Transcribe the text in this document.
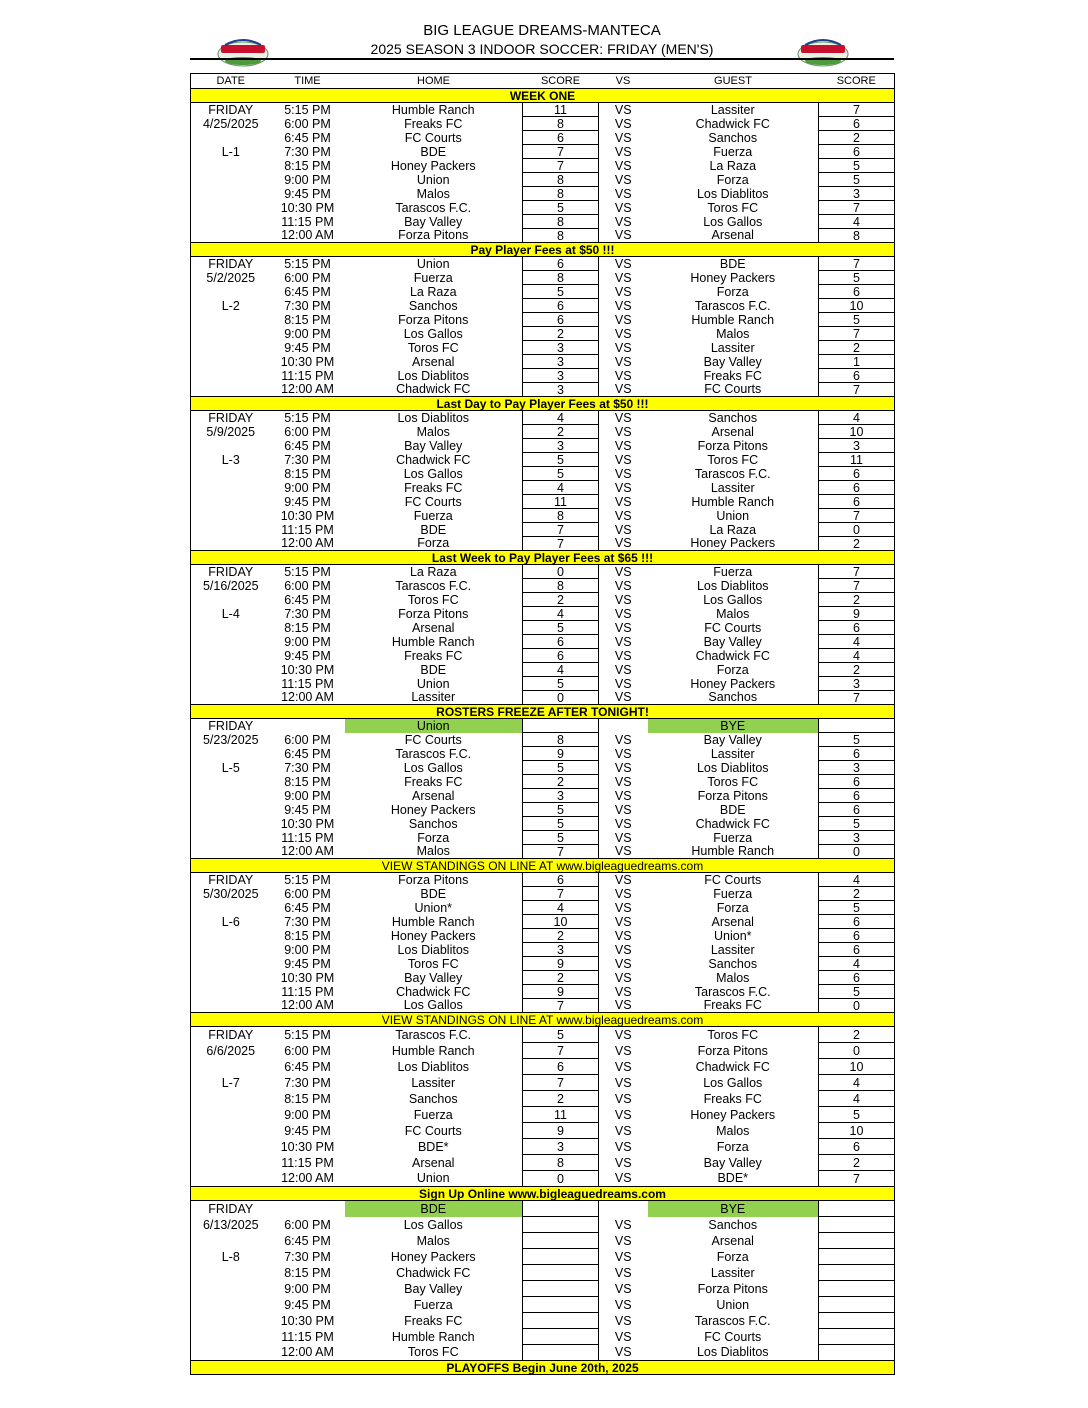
BIG LEAGUE DREAMS-MANTECA
2025 SEASON 3 INDOOR SOCCER: FRIDAY (MEN'S)
DATE	TIME	HOME	SCORE	VS	GUEST	SCORE
WEEK ONE						
FRIDAY	5:15 PM	Humble Ranch	11	VS	Lassiter	7
4/25/2025	6:00 PM	Freaks FC	8	VS	Chadwick FC	6
	6:45 PM	FC Courts	6	VS	Sanchos	2
L-1	7:30 PM	BDE	7	VS	Fuerza	6
	8:15 PM	Honey Packers	7	VS	La Raza	5
	9:00 PM	Union	8	VS	Forza	5
	9:45 PM	Malos	8	VS	Los Diablitos	3
	10:30 PM	Tarascos F.C.	5	VS	Toros FC	7
	11:15 PM	Bay Valley	8	VS	Los Gallos	4
	12:00 AM	Forza Pitons	8	VS	Arsenal	8
Pay Player Fees at $50 !!!						
FRIDAY	5:15 PM	Union	6	VS	BDE	7
5/2/2025	6:00 PM	Fuerza	8	VS	Honey Packers	5
	6:45 PM	La Raza	5	VS	Forza	6
L-2	7:30 PM	Sanchos	6	VS	Tarascos F.C.	10
	8:15 PM	Forza Pitons	6	VS	Humble Ranch	5
	9:00 PM	Los Gallos	2	VS	Malos	7
	9:45 PM	Toros FC	3	VS	Lassiter	2
	10:30 PM	Arsenal	3	VS	Bay Valley	1
	11:15 PM	Los Diablitos	3	VS	Freaks FC	6
	12:00 AM	Chadwick FC	3	VS	FC Courts	7
Last Day to Pay Player Fees at $50 !!!						
FRIDAY	5:15 PM	Los Diablitos	4	VS	Sanchos	4
5/9/2025	6:00 PM	Malos	2	VS	Arsenal	10
	6:45 PM	Bay Valley	3	VS	Forza Pitons	3
L-3	7:30 PM	Chadwick FC	5	VS	Toros FC	11
	8:15 PM	Los Gallos	5	VS	Tarascos F.C.	6
	9:00 PM	Freaks FC	4	VS	Lassiter	6
	9:45 PM	FC Courts	11	VS	Humble Ranch	6
	10:30 PM	Fuerza	8	VS	Union	7
	11:15 PM	BDE	7	VS	La Raza	0
	12:00 AM	Forza	7	VS	Honey Packers	2
Last Week to Pay Player Fees at $65 !!!						
FRIDAY	5:15 PM	La Raza	0	VS	Fuerza	7
5/16/2025	6:00 PM	Tarascos F.C.	8	VS	Los Diablitos	7
	6:45 PM	Toros FC	2	VS	Los Gallos	2
L-4	7:30 PM	Forza Pitons	4	VS	Malos	9
	8:15 PM	Arsenal	5	VS	FC Courts	6
	9:00 PM	Humble Ranch	6	VS	Bay Valley	4
	9:45 PM	Freaks FC	6	VS	Chadwick FC	4
	10:30 PM	BDE	4	VS	Forza	2
	11:15 PM	Union	5	VS	Honey Packers	3
	12:00 AM	Lassiter	0	VS	Sanchos	7
ROSTERS FREEZE AFTER TONIGHT!						
FRIDAY		Union			BYE	
5/23/2025	6:00 PM	FC Courts	8	VS	Bay Valley	5
	6:45 PM	Tarascos F.C.	9	VS	Lassiter	6
L-5	7:30 PM	Los Gallos	5	VS	Los Diablitos	3
	8:15 PM	Freaks FC	2	VS	Toros FC	6
	9:00 PM	Arsenal	3	VS	Forza Pitons	6
	9:45 PM	Honey Packers	5	VS	BDE	6
	10:30 PM	Sanchos	5	VS	Chadwick FC	5
	11:15 PM	Forza	5	VS	Fuerza	3
	12:00 AM	Malos	7	VS	Humble Ranch	0
VIEW STANDINGS ON LINE AT www.bigleaguedreams.com						
FRIDAY	5:15 PM	Forza Pitons	6	VS	FC Courts	4
5/30/2025	6:00 PM	BDE	7	VS	Fuerza	2
	6:45 PM	Union*	4	VS	Forza	5
L-6	7:30 PM	Humble Ranch	10	VS	Arsenal	6
	8:15 PM	Honey Packers	2	VS	Union*	6
	9:00 PM	Los Diablitos	3	VS	Lassiter	6
	9:45 PM	Toros FC	9	VS	Sanchos	4
	10:30 PM	Bay Valley	2	VS	Malos	6
	11:15 PM	Chadwick FC	9	VS	Tarascos F.C.	5
	12:00 AM	Los Gallos	7	VS	Freaks FC	0
VIEW STANDINGS ON LINE AT www.bigleaguedreams.com						
FRIDAY	5:15 PM	Tarascos F.C.	5	VS	Toros FC	2
6/6/2025	6:00 PM	Humble Ranch	7	VS	Forza Pitons	0
	6:45 PM	Los Diablitos	6	VS	Chadwick FC	10
L-7	7:30 PM	Lassiter	7	VS	Los Gallos	4
	8:15 PM	Sanchos	2	VS	Freaks FC	4
	9:00 PM	Fuerza	11	VS	Honey Packers	5
	9:45 PM	FC Courts	9	VS	Malos	10
	10:30 PM	BDE*	3	VS	Forza	6
	11:15 PM	Arsenal	8	VS	Bay Valley	2
	12:00 AM	Union	0	VS	BDE*	7
Sign Up Online www.bigleaguedreams.com						
FRIDAY		BDE			BYE	
6/13/2025	6:00 PM	Los Gallos		VS	Sanchos	
	6:45 PM	Malos		VS	Arsenal	
L-8	7:30 PM	Honey Packers		VS	Forza	
	8:15 PM	Chadwick FC		VS	Lassiter	
	9:00 PM	Bay Valley		VS	Forza Pitons	
	9:45 PM	Fuerza		VS	Union	
	10:30 PM	Freaks FC		VS	Tarascos F.C.	
	11:15 PM	Humble Ranch		VS	FC Courts	
	12:00 AM	Toros FC		VS	Los Diablitos	
PLAYOFFS Begin June 20th, 2025						
